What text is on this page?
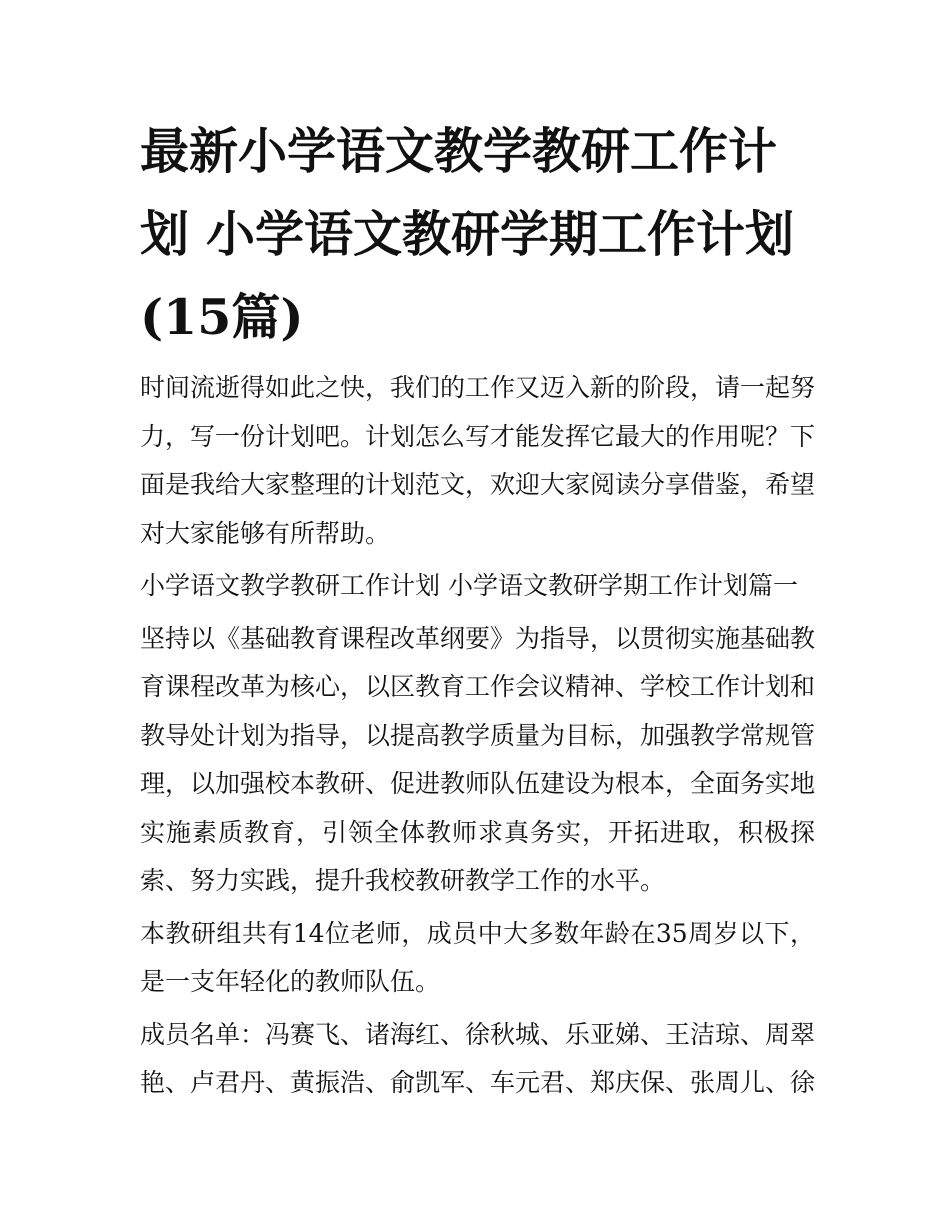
最新小学语文教学教研工作计划 小学语文教研学期工作计划(15篇)

时间流逝得如此之快，我们的工作又迈入新的阶段，请一起努力，写一份计划吧。计划怎么写才能发挥它最大的作用呢？下面是我给大家整理的计划范文，欢迎大家阅读分享借鉴，希望对大家能够有所帮助。

小学语文教学教研工作计划 小学语文教研学期工作计划篇一

坚持以《基础教育课程改革纲要》为指导，以贯彻实施基础教育课程改革为核心，以区教育工作会议精神、学校工作计划和教导处计划为指导，以提高教学质量为目标，加强教学常规管理，以加强校本教研、促进教师队伍建设为根本，全面务实地实施素质教育，引领全体教师求真务实，开拓进取，积极探索、努力实践，提升我校教研教学工作的水平。

本教研组共有14位老师，成员中大多数年龄在35周岁以下，是一支年轻化的教师队伍。

成员名单：冯赛飞、诸海红、徐秋城、乐亚娣、王洁琼、周翠艳、卢君丹、黄振浩、俞凯军、车元君、郑庆保、张周儿、徐
